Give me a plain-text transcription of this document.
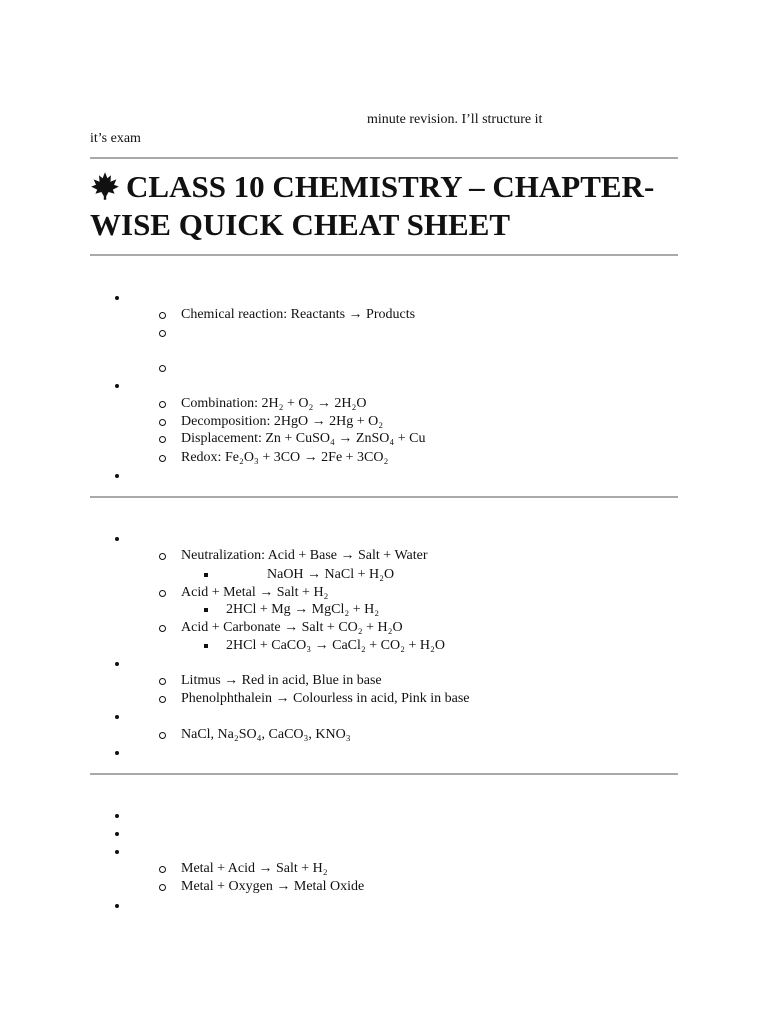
minute revision. I’ll structure it
it’s exam
CLASS 10 CHEMISTRY – CHAPTER-
WISE QUICK CHEAT SHEET
Chemical reaction: Reactants → Products
Combination: 2H₂ + O₂ → 2H₂O
Decomposition: 2HgO → 2Hg + O₂
Displacement: Zn + CuSO₄ → ZnSO₄ + Cu
Redox: Fe₂O₃ + 3CO → 2Fe + 3CO₂
Neutralization: Acid + Base → Salt + Water
NaOH → NaCl + H₂O
Acid + Metal → Salt + H₂
2HCl + Mg → MgCl₂ + H₂
Acid + Carbonate → Salt + CO₂ + H₂O
2HCl + CaCO₃ → CaCl₂ + CO₂ + H₂O
Litmus → Red in acid, Blue in base
Phenolphthalein → Colourless in acid, Pink in base
NaCl, Na₂SO₄, CaCO₃, KNO₃
Metal + Acid → Salt + H₂
Metal + Oxygen → Metal Oxide
